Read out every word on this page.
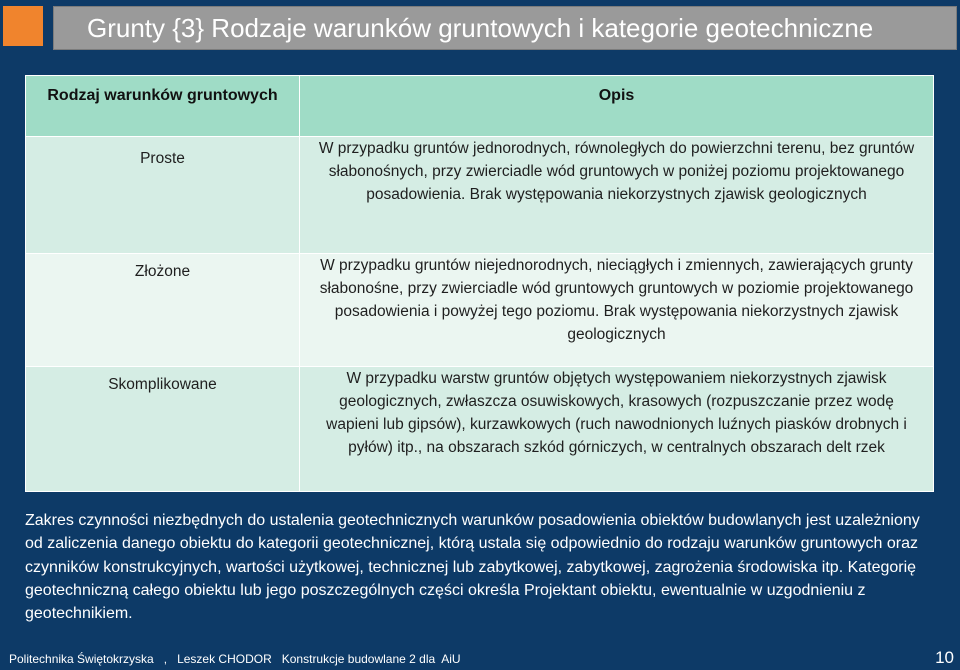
Grunty {3} Rodzaje warunków gruntowych i kategorie geotechniczne
Rodzaj warunków gruntowych	Opis
Proste	W przypadku gruntów jednorodnych, równoległych do powierzchni terenu, bez gruntów słabonośnych, przy zwierciadle wód gruntowych w poniżej poziomu projektowanego posadowienia. Brak występowania niekorzystnych zjawisk geologicznych
Złożone	W przypadku gruntów niejednorodnych, nieciągłych i zmiennych, zawierających grunty słabonośne, przy zwierciadle wód gruntowych gruntowych w poziomie projektowanego posadowienia i powyżej tego poziomu. Brak występowania niekorzystnych zjawisk geologicznych
Skomplikowane	W przypadku warstw gruntów objętych występowaniem niekorzystnych zjawisk geologicznych, zwłaszcza osuwiskowych, krasowych (rozpuszczanie przez wodę wapieni lub gipsów), kurzawkowych (ruch nawodnionych luźnych piasków drobnych i pyłów) itp., na obszarach szkód górniczych, w centralnych obszarach delt rzek
Zakres czynności niezbędnych do ustalenia geotechnicznych warunków posadowienia obiektów budowlanych jest uzależniony od zaliczenia danego obiektu do kategorii geotechnicznej, którą ustala się odpowiednio do rodzaju warunków gruntowych oraz czynników konstrukcyjnych, wartości użytkowej, technicznej lub zabytkowej, zabytkowej, zagrożenia środowiska itp. Kategorię geotechniczną całego obiektu lub jego poszczególnych części określa Projektant obiektu, ewentualnie w uzgodnieniu z geotechnikiem.
Politechnika Świętokrzyska   ,   Leszek CHODOR   Konstrukcje budowlane 2 dla  AiU	10
